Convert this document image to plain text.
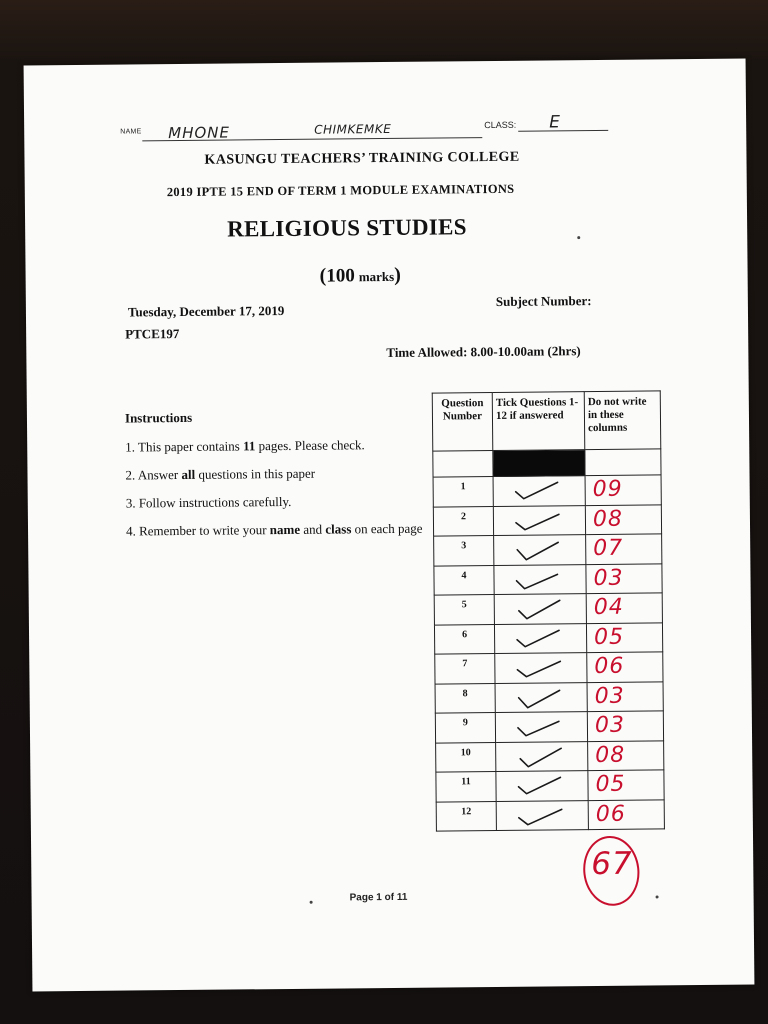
NAME MHONE	CHIMKEMKE	CLASS: E
KASUNGU TEACHERS’ TRAINING COLLEGE
2019 IPTE 15 END OF TERM 1 MODULE EXAMINATIONS
RELIGIOUS STUDIES
(100 marks)
Tuesday, December 17, 2019
PTCE197
Subject Number:
Time Allowed: 8.00-10.00am (2hrs)
Instructions
1. This paper contains 11 pages. Please check.
2. Answer all questions in this paper
3. Follow instructions carefully.
4. Remember to write your name and class on each page
Question Number	Tick Questions 1-12 if answered	Do not write in these columns

1		09

2		08

3		07

4		03

5		04

6		05

7		06

8		03

9		03

10		08

11		05

12		06
67
Page 1 of 11
